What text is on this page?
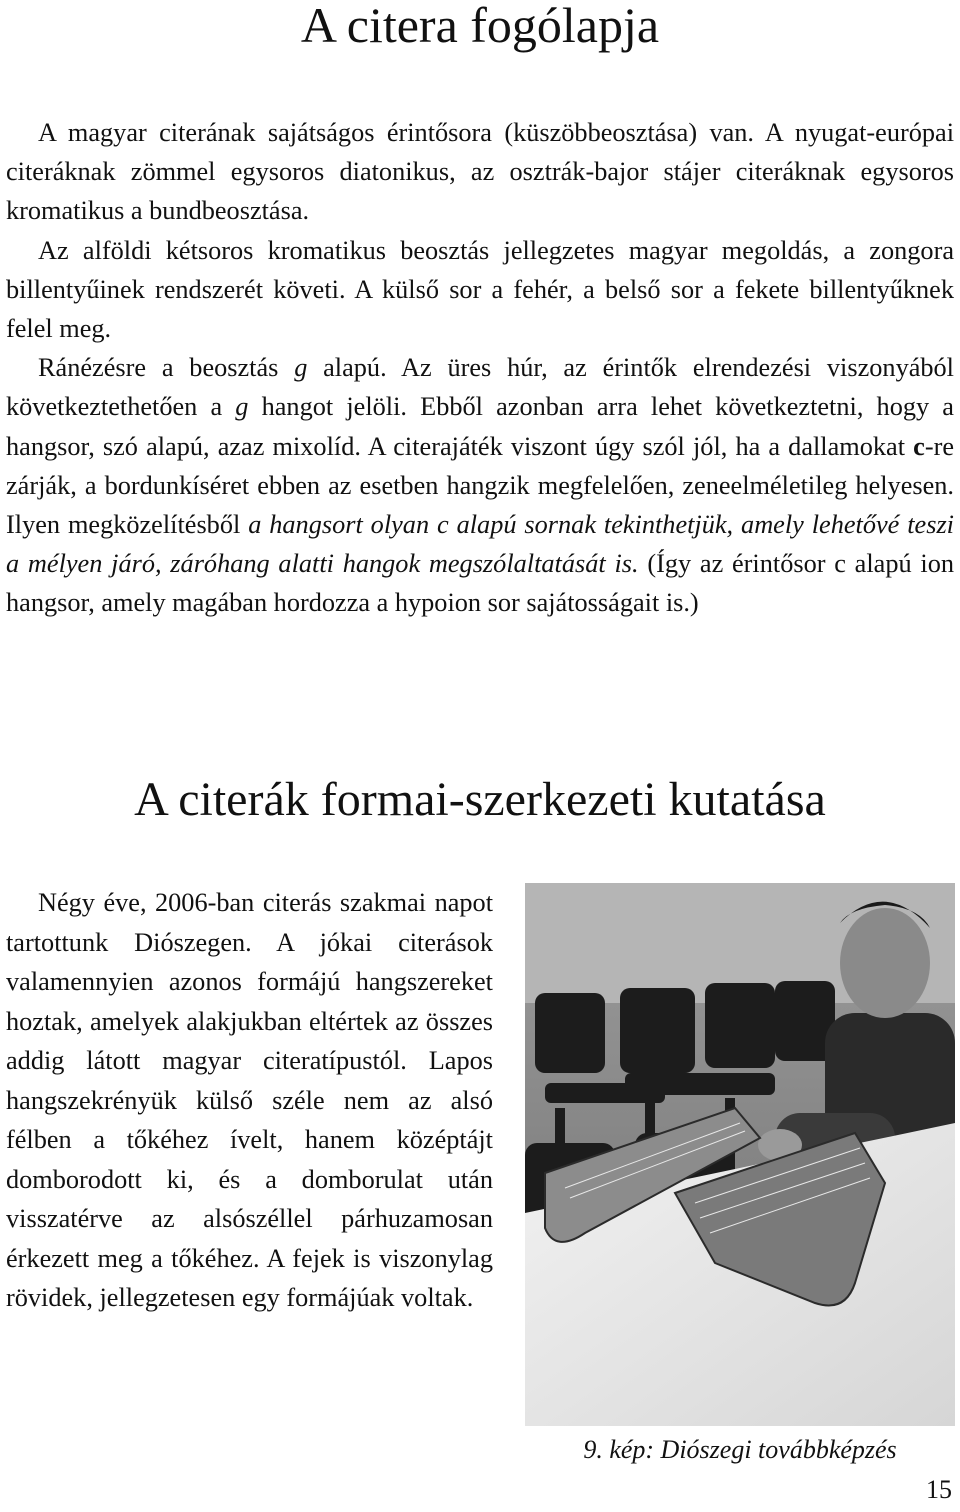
A citera fogólapja

A magyar citerának sajátságos érintősora (küszöbbeosztása) van. A nyugat-európai citeráknak zömmel egysoros diatonikus, az osztrák-bajor stájer citeráknak egysoros kromatikus a bundbeosztása.

Az alföldi kétsoros kromatikus beosztás jellegzetes magyar megoldás, a zongora billentyűinek rendszerét követi. A külső sor a fehér, a belső sor a fekete billentyűknek felel meg.

Ránézésre a beosztás g alapú. Az üres húr, az érintők elrendezési viszonyából következtethetően a g hangot jelöli. Ebből azonban arra lehet következtetni, hogy a hangsor, szó alapú, azaz mixolíd. A citerajáték viszont úgy szól jól, ha a dallamokat c-re zárják, a bordunkíséret ebben az esetben hangzik megfelelően, zeneelméletileg helyesen. Ilyen megközelítésből a hangsort olyan c alapú sornak tekinthetjük, amely lehetővé teszi a mélyen járó, záróhang alatti hangok megszólaltatását is. (Így az érintősor c alapú ion hangsor, amely magában hordozza a hypoion sor sajátosságait is.)

A citerák formai-szerkezeti kutatása

Négy éve, 2006-ban citerás szakmai napot tartottunk Diószegen. A jókai citerások valamennyien azonos formájú hangszereket hoztak, amelyek alakjukban eltértek az összes addig látott magyar citeratípustól. Lapos hangszekrényük külső széle nem az alsó félben a tőkéhez ívelt, hanem középtájt domborodott ki, és a domborulat után visszatérve az alsószéllel párhuzamosan érkezett meg a tőkéhez. A fejek is viszonylag rövidek, jellegzetesen egy formájúak voltak.

9. kép: Diószegi továbbképzés
15
